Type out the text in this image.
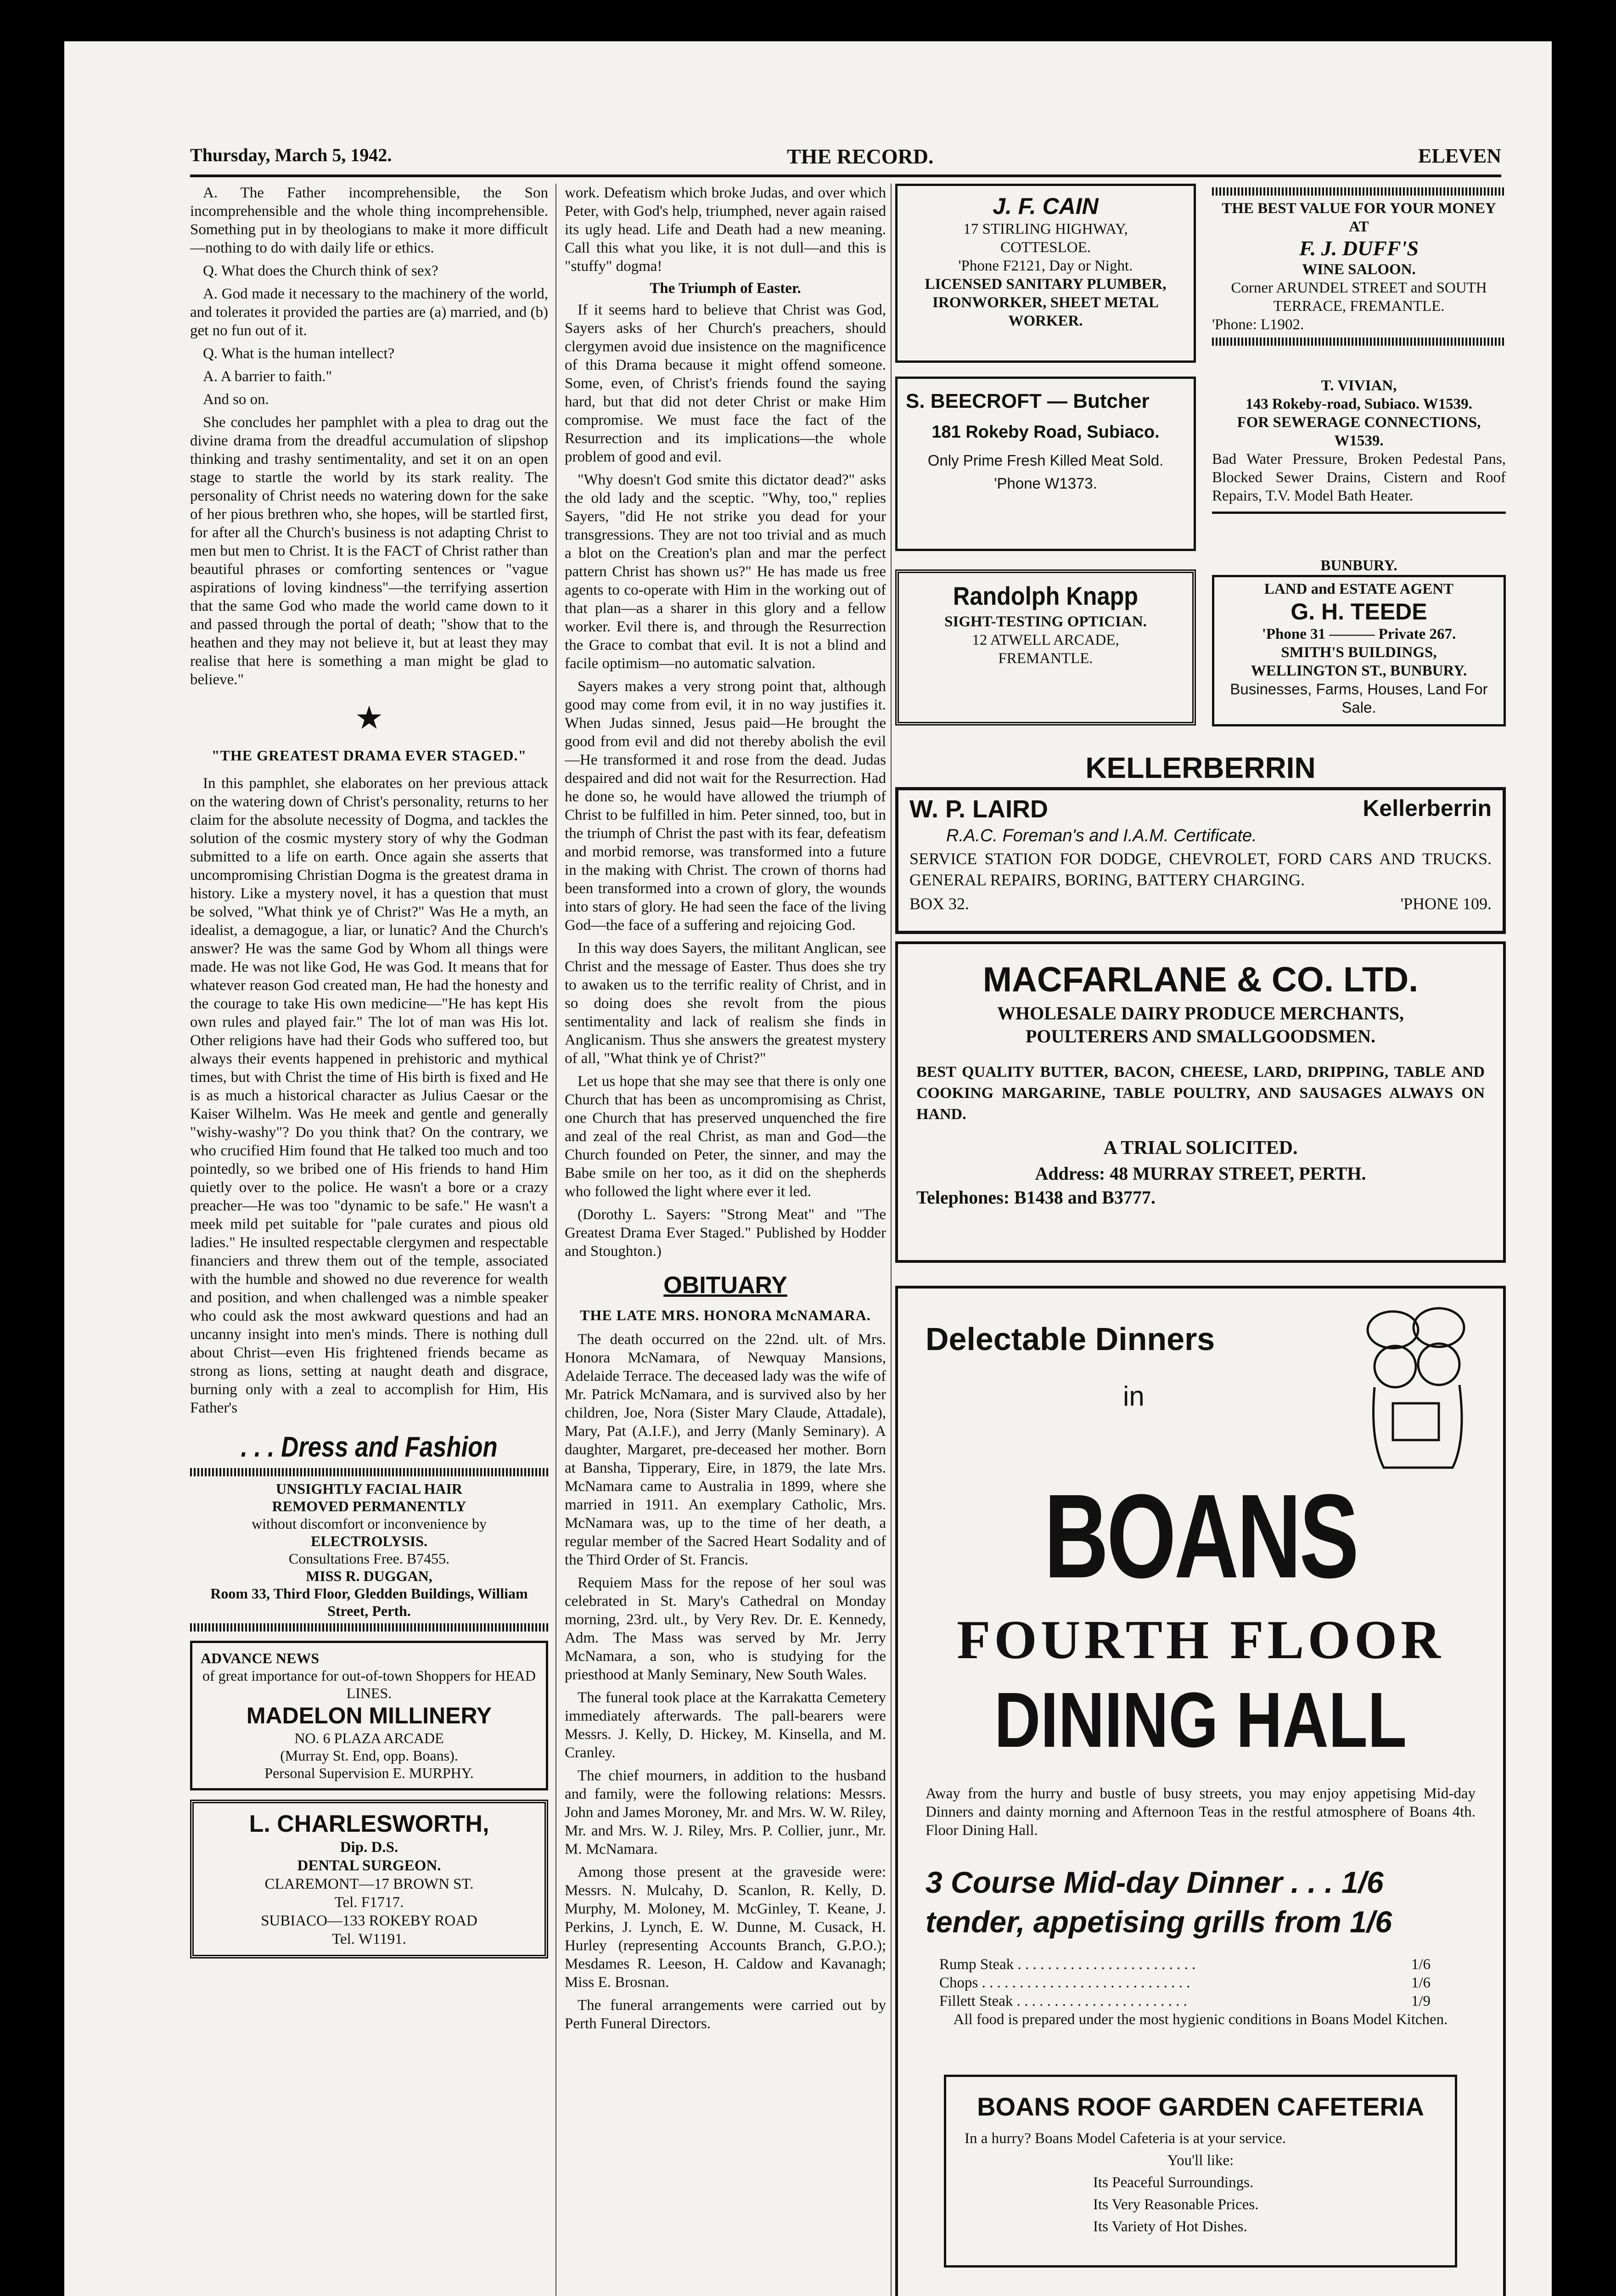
Thursday, March 5, 1942.	THE RECORD.	ELEVEN

A. The Father incomprehensible, the Son incomprehensible and the whole thing incomprehensible. Something put in by theologians to make it more difficult—nothing to do with daily life or ethics.

Q. What does the Church think of sex?

A. God made it necessary to the machinery of the world, and tolerates it provided the parties are (a) married, and (b) get no fun out of it.

Q. What is the human intellect?

A. A barrier to faith."

And so on.

She concludes her pamphlet with a plea to drag out the divine drama from the dreadful accumulation of slipshop thinking and trashy sentimentality, and set it on an open stage to startle the world by its stark reality. The personality of Christ needs no watering down for the sake of her pious brethren who, she hopes, will be startled first, for after all the Church's business is not adapting Christ to men but men to Christ. It is the FACT of Christ rather than beautiful phrases or comforting sentences or "vague aspirations of loving kindness"—the terrifying assertion that the same God who made the world came down to it and passed through the portal of death; "show that to the heathen and they may not believe it, but at least they may realise that here is something a man might be glad to believe."

★
"THE GREATEST DRAMA EVER STAGED."

In this pamphlet, she elaborates on her previous attack on the watering down of Christ's personality, returns to her claim for the absolute necessity of Dogma, and tackles the solution of the cosmic mystery story of why the Godman submitted to a life on earth. Once again she asserts that uncompromising Christian Dogma is the greatest drama in history. Like a mystery novel, it has a question that must be solved, "What think ye of Christ?" Was He a myth, an idealist, a demagogue, a liar, or lunatic? And the Church's answer? He was the same God by Whom all things were made. He was not like God, He was God. It means that for whatever reason God created man, He had the honesty and the courage to take His own medicine—"He has kept His own rules and played fair." The lot of man was His lot. Other religions have had their Gods who suffered too, but always their events happened in prehistoric and mythical times, but with Christ the time of His birth is fixed and He is as much a historical character as Julius Caesar or the Kaiser Wilhelm. Was He meek and gentle and generally "wishy-washy"? Do you think that? On the contrary, we who crucified Him found that He talked too much and too pointedly, so we bribed one of His friends to hand Him quietly over to the police. He wasn't a bore or a crazy preacher—He was too "dynamic to be safe." He wasn't a meek mild pet suitable for "pale curates and pious old ladies." He insulted respectable clergymen and respectable financiers and threw them out of the temple, associated with the humble and showed no due reverence for wealth and position, and when challenged was a nimble speaker who could ask the most awkward questions and had an uncanny insight into men's minds. There is nothing dull about Christ—even His frightened friends became as strong as lions, setting at naught death and disgrace, burning only with a zeal to accomplish for Him, His Father's

. . . Dress and Fashion
UNSIGHTLY FACIAL HAIR
REMOVED PERMANENTLY
without discomfort or inconvenience by
ELECTROLYSIS.
Consultations Free. B7455.
MISS R. DUGGAN,
Room 33, Third Floor, Gledden Buildings, William Street, Perth.
ADVANCE NEWS
of great importance for out-of-town Shoppers for HEAD LINES.
MADELON MILLINERY
NO. 6 PLAZA ARCADE
(Murray St. End, opp. Boans).
Personal Supervision E. MURPHY.
L. CHARLESWORTH,
Dip. D.S.
DENTAL SURGEON.
CLAREMONT—17 BROWN ST.
Tel. F1717.
SUBIACO—133 ROKEBY ROAD
Tel. W1191.

work. Defeatism which broke Judas, and over which Peter, with God's help, triumphed, never again raised its ugly head. Life and Death had a new meaning. Call this what you like, it is not dull—and this is "stuffy" dogma!

The Triumph of Easter.

If it seems hard to believe that Christ was God, Sayers asks of her Church's preachers, should clergymen avoid due insistence on the magnificence of this Drama because it might offend someone. Some, even, of Christ's friends found the saying hard, but that did not deter Christ or make Him compromise. We must face the fact of the Resurrection and its implications—the whole problem of good and evil.

"Why doesn't God smite this dictator dead?" asks the old lady and the sceptic. "Why, too," replies Sayers, "did He not strike you dead for your transgressions. They are not too trivial and as much a blot on the Creation's plan and mar the perfect pattern Christ has shown us?" He has made us free agents to co-operate with Him in the working out of that plan—as a sharer in this glory and a fellow worker. Evil there is, and through the Resurrection the Grace to combat that evil. It is not a blind and facile optimism—no automatic salvation.

Sayers makes a very strong point that, although good may come from evil, it in no way justifies it. When Judas sinned, Jesus paid—He brought the good from evil and did not thereby abolish the evil—He transformed it and rose from the dead. Judas despaired and did not wait for the Resurrection. Had he done so, he would have allowed the triumph of Christ to be fulfilled in him. Peter sinned, too, but in the triumph of Christ the past with its fear, defeatism and morbid remorse, was transformed into a future in the making with Christ. The crown of thorns had been transformed into a crown of glory, the wounds into stars of glory. He had seen the face of the living God—the face of a suffering and rejoicing God.

In this way does Sayers, the militant Anglican, see Christ and the message of Easter. Thus does she try to awaken us to the terrific reality of Christ, and in so doing does she revolt from the pious sentimentality and lack of realism she finds in Anglicanism. Thus she answers the greatest mystery of all, "What think ye of Christ?"

Let us hope that she may see that there is only one Church that has been as uncompromising as Christ, one Church that has preserved unquenched the fire and zeal of the real Christ, as man and God—the Church founded on Peter, the sinner, and may the Babe smile on her too, as it did on the shepherds who followed the light where ever it led.

(Dorothy L. Sayers: "Strong Meat" and "The Greatest Drama Ever Staged." Published by Hodder and Stoughton.)

OBITUARY
THE LATE MRS. HONORA McNAMARA.

The death occurred on the 22nd. ult. of Mrs. Honora McNamara, of Newquay Mansions, Adelaide Terrace. The deceased lady was the wife of Mr. Patrick McNamara, and is survived also by her children, Joe, Nora (Sister Mary Claude, Attadale), Mary, Pat (A.I.F.), and Jerry (Manly Seminary). A daughter, Margaret, pre-deceased her mother. Born at Bansha, Tipperary, Eire, in 1879, the late Mrs. McNamara came to Australia in 1899, where she married in 1911. An exemplary Catholic, Mrs. McNamara was, up to the time of her death, a regular member of the Sacred Heart Sodality and of the Third Order of St. Francis.

Requiem Mass for the repose of her soul was celebrated in St. Mary's Cathedral on Monday morning, 23rd. ult., by Very Rev. Dr. E. Kennedy, Adm. The Mass was served by Mr. Jerry McNamara, a son, who is studying for the priesthood at Manly Seminary, New South Wales.

The funeral took place at the Karrakatta Cemetery immediately afterwards. The pall-bearers were Messrs. J. Kelly, D. Hickey, M. Kinsella, and M. Cranley.

The chief mourners, in addition to the husband and family, were the following relations: Messrs. John and James Moroney, Mr. and Mrs. W. W. Riley, Mr. and Mrs. W. J. Riley, Mrs. P. Collier, junr., Mr. M. McNamara.

Among those present at the graveside were: Messrs. N. Mulcahy, D. Scanlon, R. Kelly, D. Murphy, M. Moloney, M. McGinley, T. Keane, J. Perkins, J. Lynch, E. W. Dunne, M. Cusack, H. Hurley (representing Accounts Branch, G.P.O.); Mesdames R. Leeson, H. Caldow and Kavanagh; Miss E. Brosnan.

The funeral arrangements were carried out by Perth Funeral Directors.

J. F. CAIN
17 STIRLING HIGHWAY,
COTTESLOE.
'Phone F2121, Day or Night.
LICENSED SANITARY PLUMBER, IRONWORKER, SHEET METAL WORKER.
THE BEST VALUE FOR YOUR MONEY AT
F. J. DUFF'S
WINE SALOON.
Corner ARUNDEL STREET and SOUTH TERRACE, FREMANTLE.
'Phone: L1902.
S. BEECROFT — Butcher
181 Rokeby Road, Subiaco.
Only Prime Fresh Killed Meat Sold.
'Phone W1373.
T. VIVIAN,
143 Rokeby-road, Subiaco. W1539.
FOR SEWERAGE CONNECTIONS, W1539.
Bad Water Pressure, Broken Pedestal Pans, Blocked Sewer Drains, Cistern and Roof Repairs, T.V. Model Bath Heater.
Randolph Knapp
SIGHT-TESTING OPTICIAN.
12 ATWELL ARCADE,
FREMANTLE.
BUNBURY.
LAND and ESTATE AGENT
G. H. TEEDE
'Phone 31 ——— Private 267.
SMITH'S BUILDINGS,
WELLINGTON ST., BUNBURY.
Businesses, Farms, Houses, Land For Sale.
KELLERBERRIN
W. P. LAIRD	Kellerberrin
R.A.C. Foreman's and I.A.M. Certificate.
SERVICE STATION FOR DODGE, CHEVROLET, FORD CARS AND TRUCKS. GENERAL REPAIRS, BORING, BATTERY CHARGING.
BOX 32.	'PHONE 109.
MACFARLANE & CO. LTD.
WHOLESALE DAIRY PRODUCE MERCHANTS,
POULTERERS AND SMALLGOODSMEN.
BEST QUALITY BUTTER, BACON, CHEESE, LARD, DRIPPING, TABLE AND COOKING MARGARINE, TABLE POULTRY, AND SAUSAGES ALWAYS ON HAND.
A TRIAL SOLICITED.
Address: 48 MURRAY STREET, PERTH.
Telephones: B1438 and B3777.
Delectable Dinners
in
BOANS
FOURTH FLOOR
DINING HALL
Away from the hurry and bustle of busy streets, you may enjoy appetising Mid-day Dinners and dainty morning and Afternoon Teas in the restful atmosphere of Boans 4th. Floor Dining Hall.
3 Course Mid-day Dinner . . . 1/6
tender, appetising grills from 1/6
Rump Steak . . . . . . . . . . . . . . . . . . . . . . . .	1/6
Chops . . . . . . . . . . . . . . . . . . . . . . . . . . . .	1/6
Fillett Steak . . . . . . . . . . . . . . . . . . . . . . .	1/9
All food is prepared under the most hygienic conditions in Boans Model Kitchen.
BOANS ROOF GARDEN CAFETERIA
In a hurry? Boans Model Cafeteria is at your service.
You'll like:
Its Peaceful Surroundings.
Its Very Reasonable Prices.
Its Variety of Hot Dishes.
